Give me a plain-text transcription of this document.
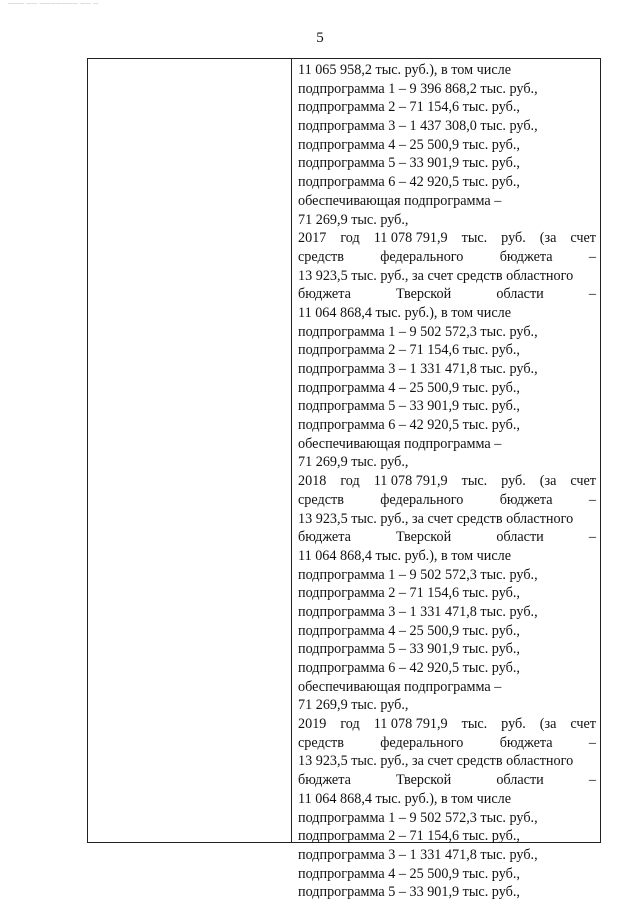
─── ── ─────── ── ─
5
11 065 958,2 тыс. руб.), в том числе
подпрограмма 1 – 9 396 868,2 тыс. руб.,
подпрограмма 2 – 71 154,6 тыс. руб.,
подпрограмма 3 – 1 437 308,0 тыс. руб.,
подпрограмма 4 – 25 500,9 тыс. руб.,
подпрограмма 5 – 33 901,9 тыс. руб.,
подпрограмма 6 – 42 920,5 тыс. руб.,
обеспечивающая подпрограмма –
71 269,9 тыс. руб.,
2017 год 11 078 791,9 тыс. руб. (за счет
средств	федерального	бюджета	–
13 923,5 тыс. руб., за счет средств областного
бюджета	Тверской	области	–
11 064 868,4 тыс. руб.), в том числе
подпрограмма 1 – 9 502 572,3 тыс. руб.,
подпрограмма 2 – 71 154,6 тыс. руб.,
подпрограмма 3 – 1 331 471,8 тыс. руб.,
подпрограмма 4 – 25 500,9 тыс. руб.,
подпрограмма 5 – 33 901,9 тыс. руб.,
подпрограмма 6 – 42 920,5 тыс. руб.,
обеспечивающая подпрограмма –
71 269,9 тыс. руб.,
2018 год 11 078 791,9 тыс. руб. (за счет
средств	федерального	бюджета	–
13 923,5 тыс. руб., за счет средств областного
бюджета	Тверской	области	–
11 064 868,4 тыс. руб.), в том числе
подпрограмма 1 – 9 502 572,3 тыс. руб.,
подпрограмма 2 – 71 154,6 тыс. руб.,
подпрограмма 3 – 1 331 471,8 тыс. руб.,
подпрограмма 4 – 25 500,9 тыс. руб.,
подпрограмма 5 – 33 901,9 тыс. руб.,
подпрограмма 6 – 42 920,5 тыс. руб.,
обеспечивающая подпрограмма –
71 269,9 тыс. руб.,
2019 год 11 078 791,9 тыс. руб. (за счет
средств	федерального	бюджета	–
13 923,5 тыс. руб., за счет средств областного
бюджета	Тверской	области	–
11 064 868,4 тыс. руб.), в том числе
подпрограмма 1 – 9 502 572,3 тыс. руб.,
подпрограмма 2 – 71 154,6 тыс. руб.,
подпрограмма 3 – 1 331 471,8 тыс. руб.,
подпрограмма 4 – 25 500,9 тыс. руб.,
подпрограмма 5 – 33 901,9 тыс. руб.,
